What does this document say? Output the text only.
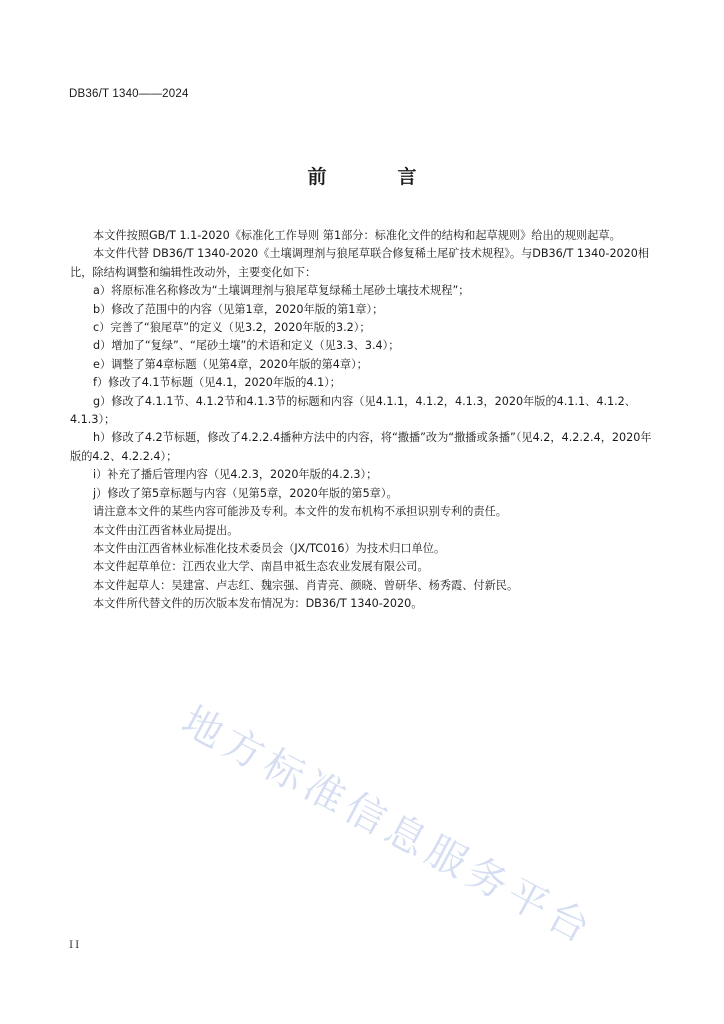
DB36/T 1340——2024
前　言

本文件按照GB/T 1.1-2020《标准化工作导则 第1部分：标准化文件的结构和起草规则》给出的规则起草。

本文件代替 DB36/T 1340-2020《土壤调理剂与狼尾草联合修复稀土尾矿技术规程》。与DB36/T 1340-2020相比，除结构调整和编辑性改动外，主要变化如下：

a）将原标准名称修改为“土壤调理剂与狼尾草复绿稀土尾砂土壤技术规程”；

b）修改了范围中的内容（见第1章，2020年版的第1章）；

c）完善了“狼尾草”的定义（见3.2，2020年版的3.2）；

d）增加了“复绿”、“尾砂土壤”的术语和定义（见3.3、3.4）；

e）调整了第4章标题（见第4章，2020年版的第4章）；

f）修改了4.1节标题（见4.1，2020年版的4.1）；

g）修改了4.1.1节、4.1.2节和4.1.3节的标题和内容（见4.1.1，4.1.2，4.1.3，2020年版的4.1.1、4.1.2、4.1.3）；

h）修改了4.2节标题，修改了4.2.2.4播种方法中的内容，将“撒播”改为“撒播或条播”（见4.2，4.2.2.4，2020年版的4.2、4.2.2.4）；

i）补充了播后管理内容（见4.2.3，2020年版的4.2.3）；

j）修改了第5章标题与内容（见第5章，2020年版的第5章）。

请注意本文件的某些内容可能涉及专利。本文件的发布机构不承担识别专利的责任。

本文件由江西省林业局提出。

本文件由江西省林业标准化技术委员会（JX/TC016）为技术归口单位。

本文件起草单位：江西农业大学、南昌申祗生态农业发展有限公司。

本文件起草人：吴建富、卢志红、魏宗强、肖青亮、颜晓、曾研华、杨秀霞、付新民。

本文件所代替文件的历次版本发布情况为：DB36/T 1340-2020。

地方标准信息服务平台
II
